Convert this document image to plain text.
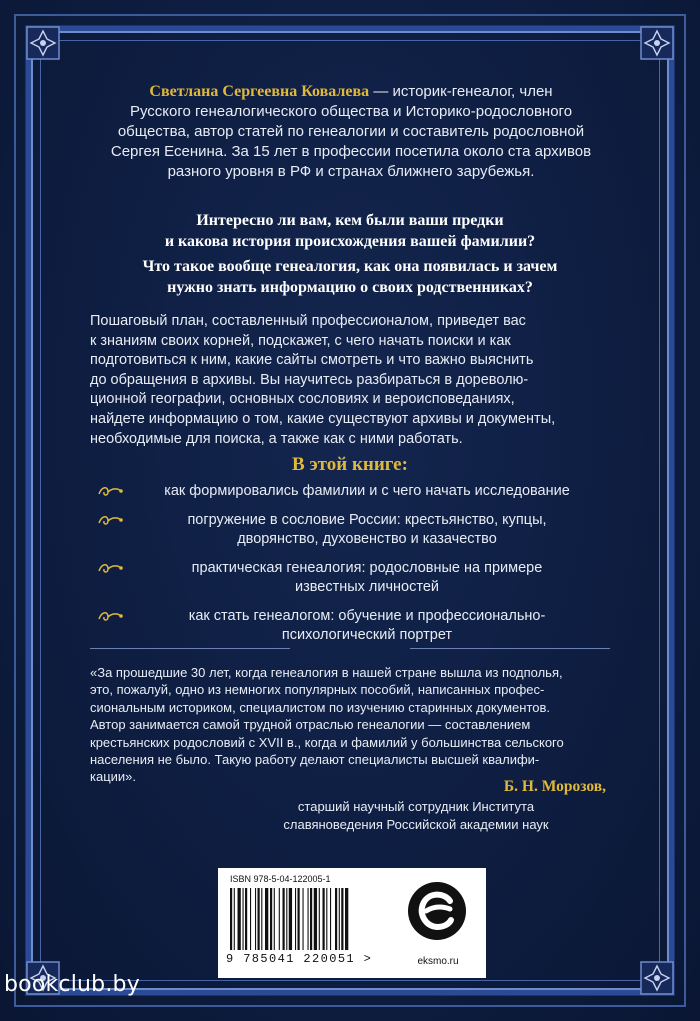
Светлана Сергеевна Ковалева — историк-генеалог, член
Русского генеалогического общества и Историко-родословного
общества, автор статей по генеалогии и составитель родословной
Сергея Есенина. За 15 лет в профессии посетила около ста архивов
разного уровня в РФ и странах ближнего зарубежья.

Интересно ли вам, кем были ваши предки
и какова история происхождения вашей фамилии?

Что такое вообще генеалогия, как она появилась и зачем
нужно знать информацию о своих родственниках?

Пошаговый план, составленный профессионалом, приведет вас
к знаниям своих корней, подскажет, с чего начать поиски и как
подготовиться к ним, какие сайты смотреть и что важно выяснить
до обращения в архивы. Вы научитесь разбираться в дореволю-
ционной географии, основных сословиях и вероисповеданиях,
найдете информацию о том, какие существуют архивы и документы,
необходимые для поиска, а также как с ними работать.

В этой книге:

как формировались фамилии и с чего начать исследование
погружение в сословие России: крестьянство, купцы,
дворянство, духовенство и казачество
практическая генеалогия: родословные на примере
известных личностей
как стать генеалогом: обучение и профессионально-
психологический портрет

«За прошедшие 30 лет, когда генеалогия в нашей стране вышла из подполья,
это, пожалуй, одно из немногих популярных пособий, написанных профес-
сиональным историком, специалистом по изучению старинных документов.
Автор занимается самой трудной отраслью генеалогии — составлением
крестьянских родословий с XVII в., когда и фамилий у большинства сельского
населения не было. Такую работу делают специалисты высшей квалифи-
кации».

Б. Н. Морозов,

старший научный сотрудник Института
славяноведения Российской академии наук

ISBN 978-5-04-122005-1
9 785041 220051 >	eksmo.ru
bookclub.by
